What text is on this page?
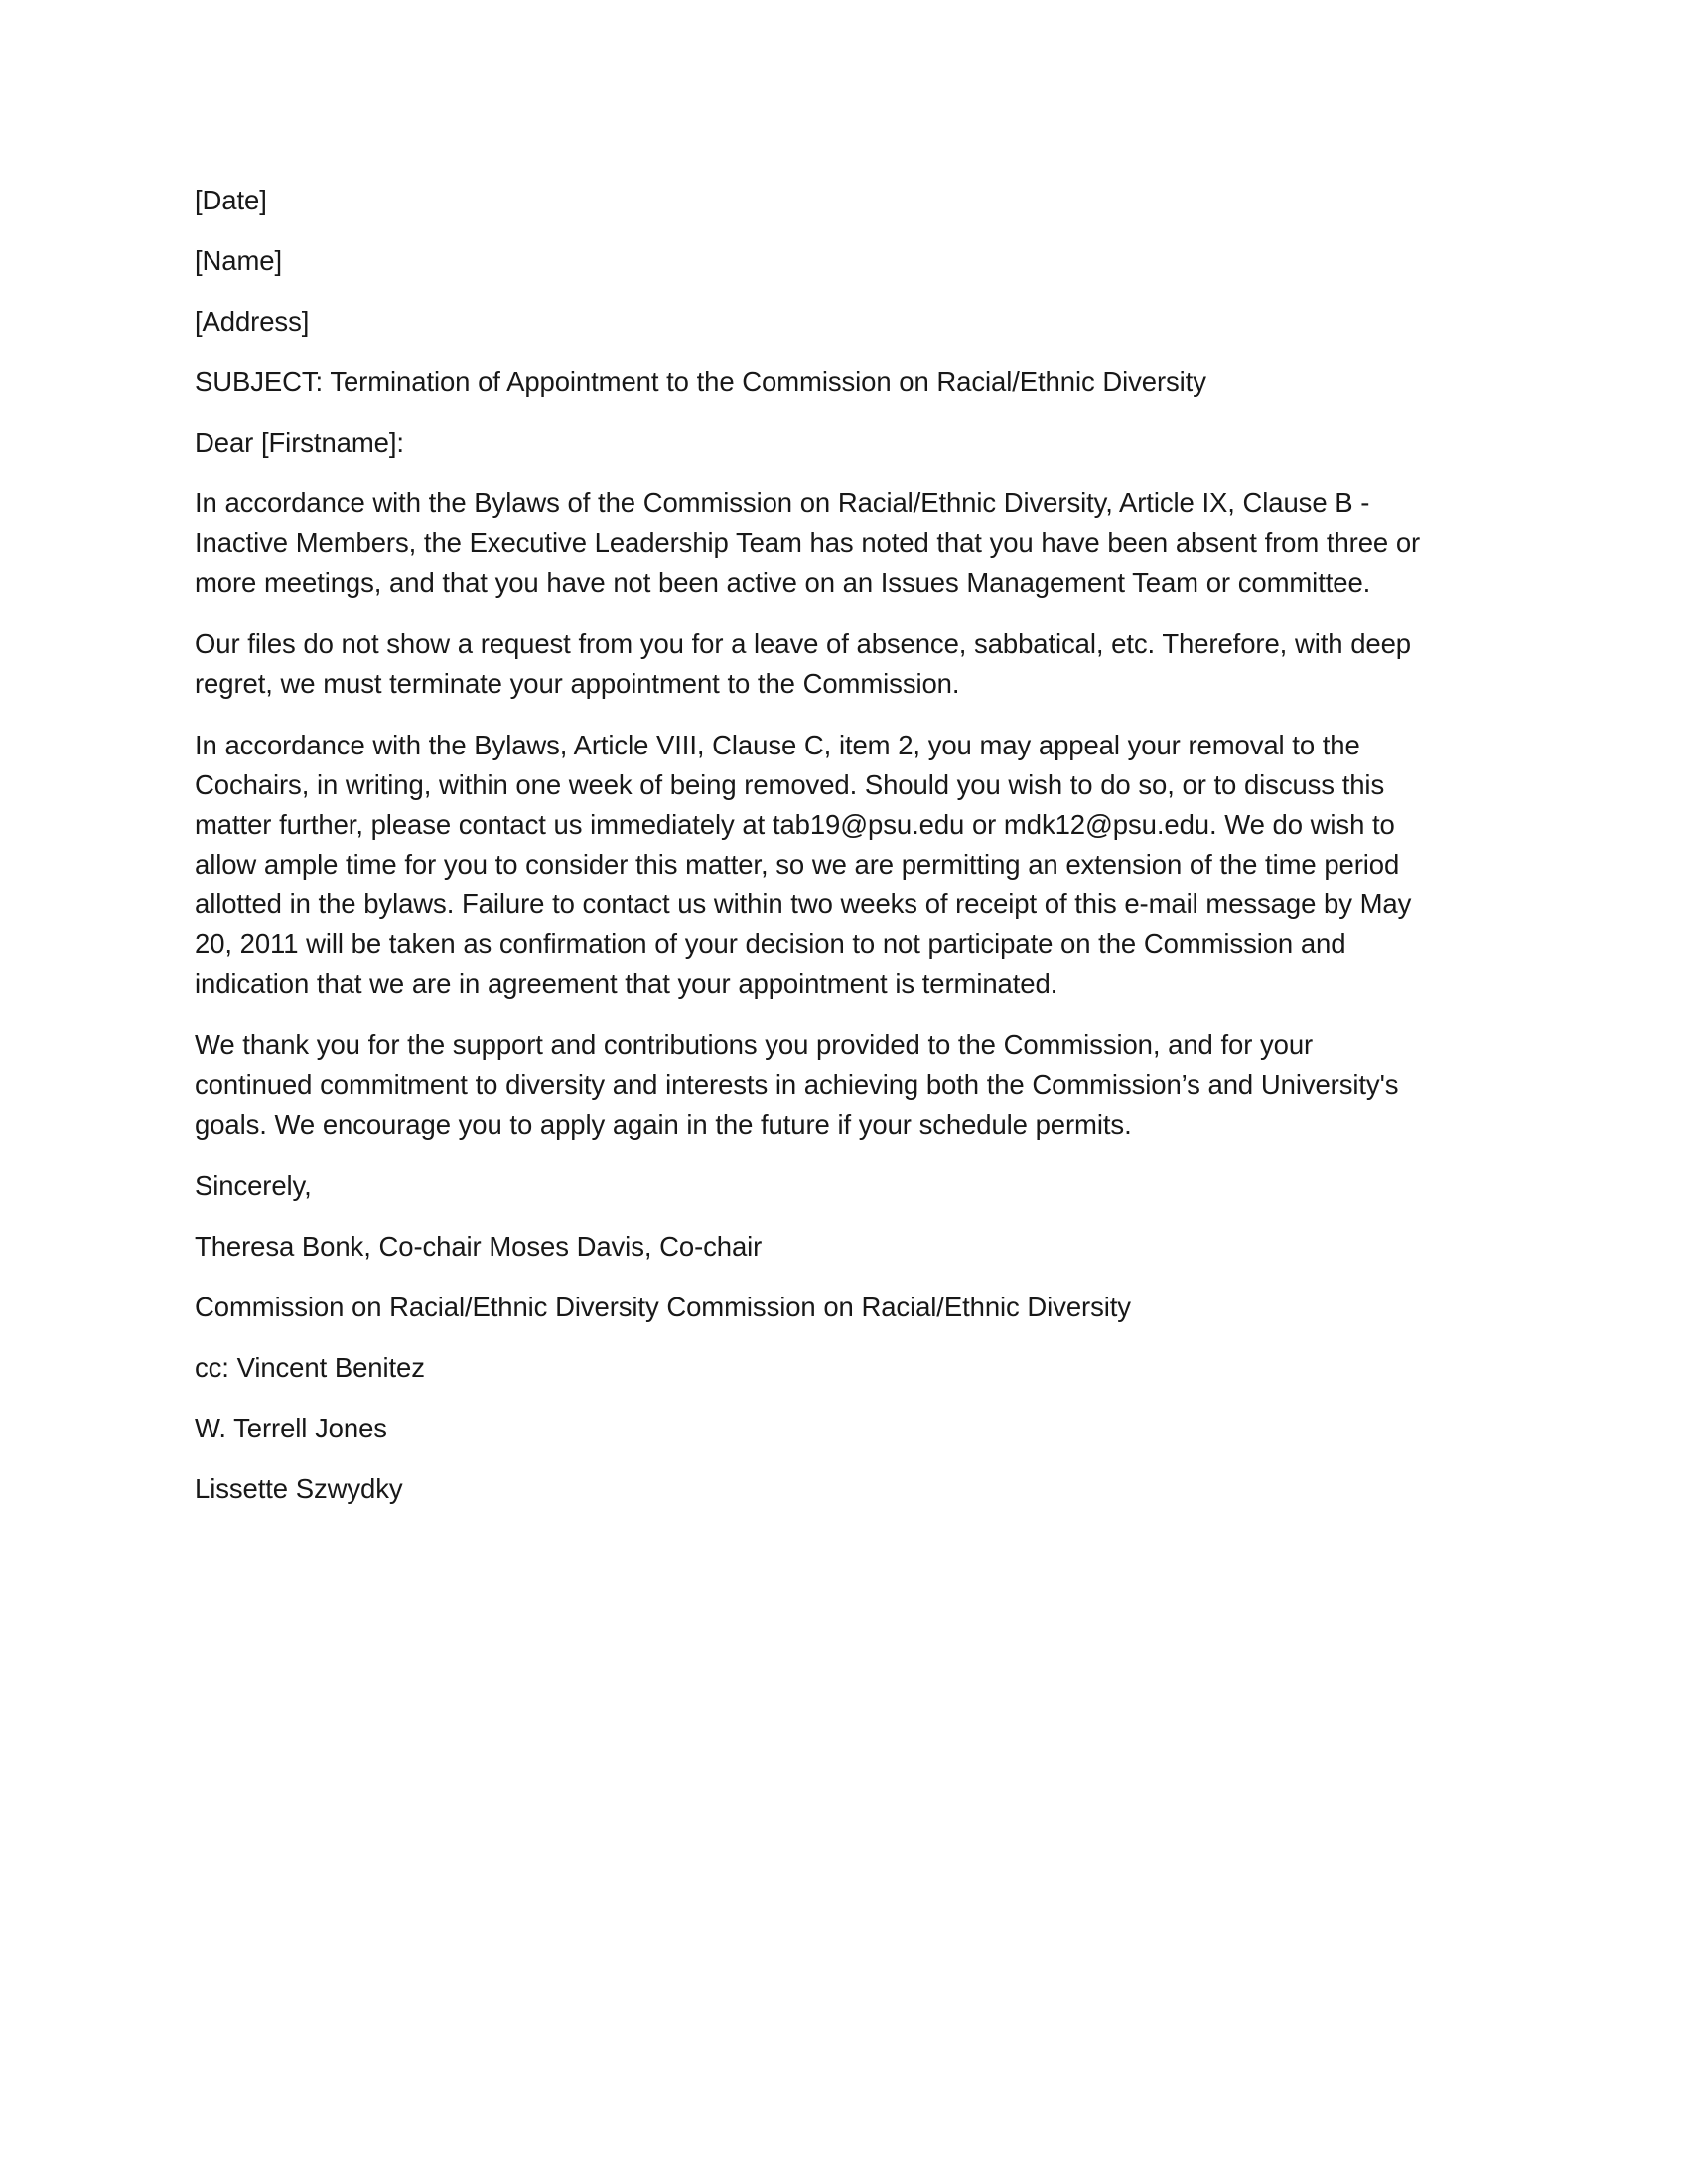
[Date]

[Name]

[Address]

SUBJECT: Termination of Appointment to the Commission on Racial/Ethnic Diversity

Dear [Firstname]:

In accordance with the Bylaws of the Commission on Racial/Ethnic Diversity, Article IX, Clause B - Inactive Members, the Executive Leadership Team has noted that you have been absent from three or more meetings, and that you have not been active on an Issues Management Team or committee.

Our files do not show a request from you for a leave of absence, sabbatical, etc. Therefore, with deep regret, we must terminate your appointment to the Commission.

In accordance with the Bylaws, Article VIII, Clause C, item 2, you may appeal your removal to the Cochairs, in writing, within one week of being removed. Should you wish to do so, or to discuss this matter further, please contact us immediately at tab19@psu.edu or mdk12@psu.edu. We do wish to allow ample time for you to consider this matter, so we are permitting an extension of the time period allotted in the bylaws. Failure to contact us within two weeks of receipt of this e-mail message by May 20, 2011 will be taken as confirmation of your decision to not participate on the Commission and indication that we are in agreement that your appointment is terminated.

We thank you for the support and contributions you provided to the Commission, and for your continued commitment to diversity and interests in achieving both the Commission’s and University's goals. We encourage you to apply again in the future if your schedule permits.

Sincerely,

Theresa Bonk, Co-chair Moses Davis, Co-chair

Commission on Racial/Ethnic Diversity Commission on Racial/Ethnic Diversity

cc: Vincent Benitez

W. Terrell Jones

Lissette Szwydky
